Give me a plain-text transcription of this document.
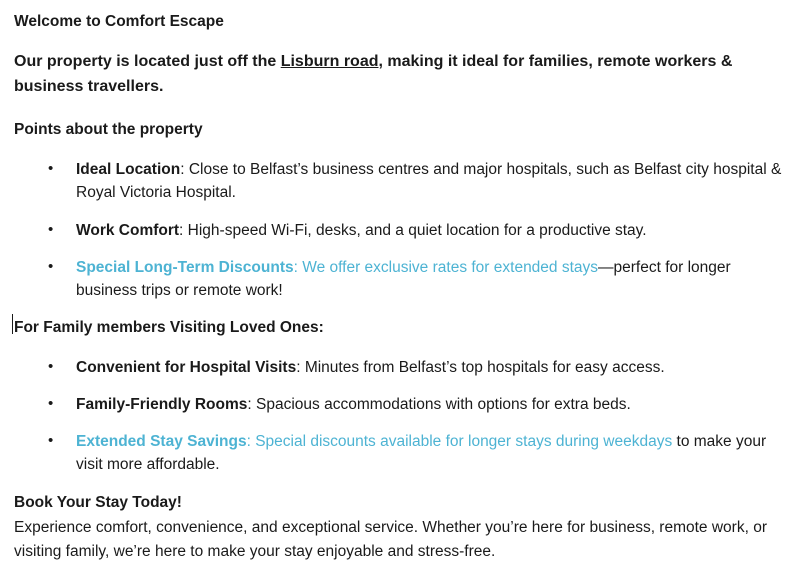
Welcome to Comfort Escape

Our property is located just off the Lisburn road, making it ideal for families, remote workers & business travellers.

Points about the property

• Ideal Location: Close to Belfast’s business centres and major hospitals, such as Belfast city hospital & Royal Victoria Hospital.
• Work Comfort: High-speed Wi-Fi, desks, and a quiet location for a productive stay.
• Special Long-Term Discounts: We offer exclusive rates for extended stays—perfect for longer business trips or remote work!

For Family members Visiting Loved Ones:

• Convenient for Hospital Visits: Minutes from Belfast’s top hospitals for easy access.
• Family-Friendly Rooms: Spacious accommodations with options for extra beds.
• Extended Stay Savings: Special discounts available for longer stays during weekdays to make your visit more affordable.

Book Your Stay Today!

Experience comfort, convenience, and exceptional service. Whether you’re here for business, remote work, or visiting family, we’re here to make your stay enjoyable and stress-free.
